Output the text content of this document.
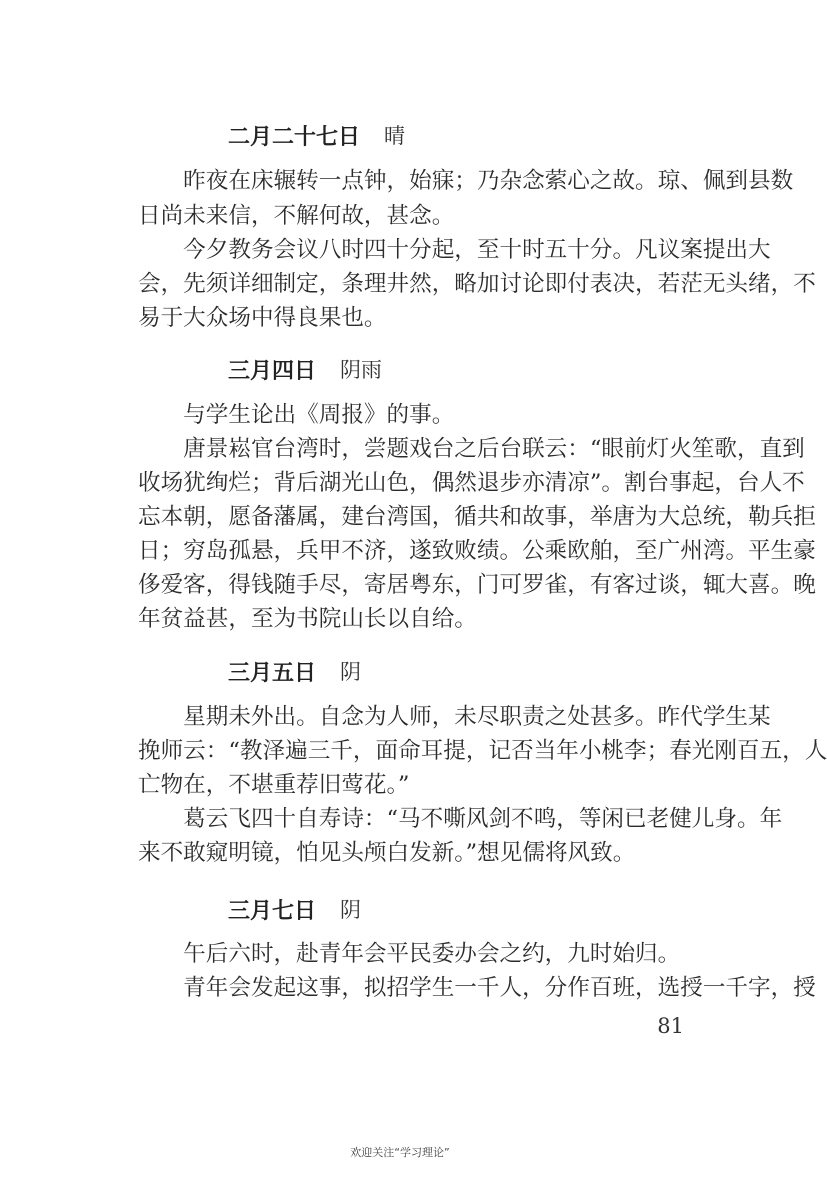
二月二十七日 晴
　　昨夜在床辗转一点钟，始寐；乃杂念萦心之故。琼、佩到县数
日尚未来信，不解何故，甚念。
　　今夕教务会议八时四十分起，至十时五十分。凡议案提出大
会，先须详细制定，条理井然，略加讨论即付表决，若茫无头绪，不
易于大众场中得良果也。
三月四日 阴雨
　　与学生论出《周报》的事。
　　唐景崧官台湾时，尝题戏台之后台联云：“眼前灯火笙歌，直到
收场犹绚烂；背后湖光山色，偶然退步亦清凉”。割台事起，台人不
忘本朝，愿备藩属，建台湾国，循共和故事，举唐为大总统，勒兵拒
日；穷岛孤悬，兵甲不济，遂致败绩。公乘欧舶，至广州湾。平生豪
侈爱客，得钱随手尽，寄居粤东，门可罗雀，有客过谈，辄大喜。晚
年贫益甚，至为书院山长以自给。
三月五日 阴
　　星期未外出。自念为人师，未尽职责之处甚多。昨代学生某
挽师云：“教泽遍三千，面命耳提，记否当年小桃李；春光刚百五，人
亡物在，不堪重荐旧莺花。”
　　葛云飞四十自寿诗：“马不嘶风剑不鸣，等闲已老健儿身。年
来不敢窥明镜，怕见头颅白发新。”想见儒将风致。
三月七日 阴
　　午后六时，赴青年会平民委办会之约，九时始归。
　　青年会发起这事，拟招学生一千人，分作百班，选授一千字，授
81
欢迎关注“学习理论”
